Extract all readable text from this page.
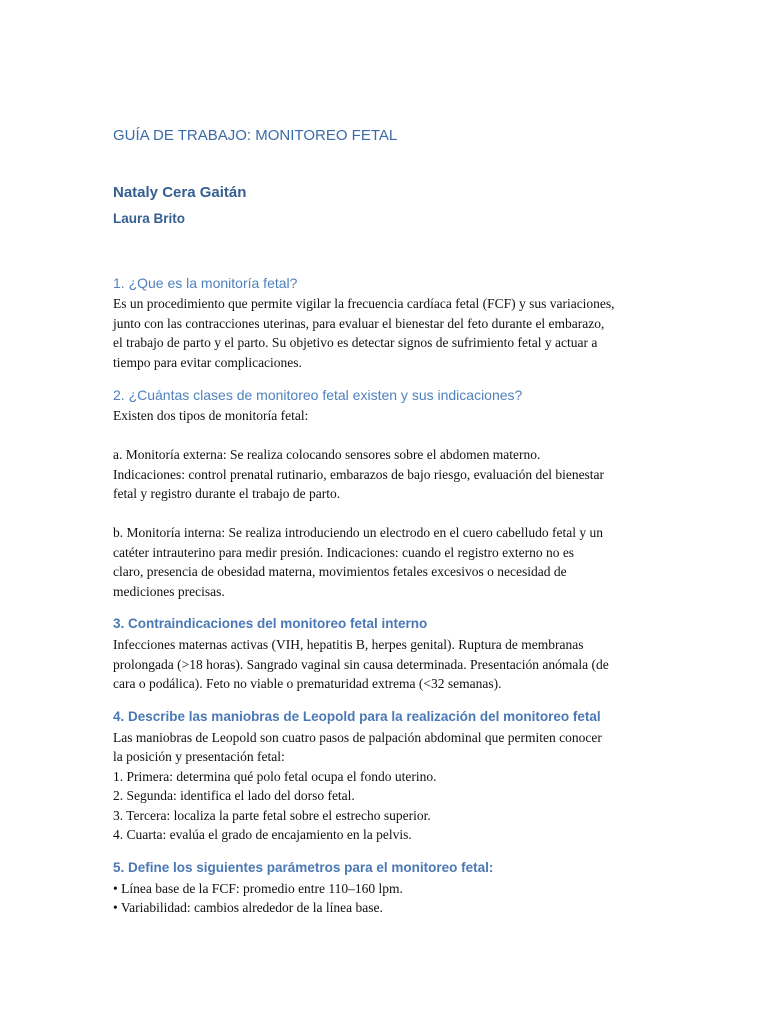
GUÍA DE TRABAJO: MONITOREO FETAL
Nataly Cera Gaitán
Laura Brito
1. ¿Que es la monitoría fetal?
Es un procedimiento que permite vigilar la frecuencia cardíaca fetal (FCF) y sus variaciones,
junto con las contracciones uterinas, para evaluar el bienestar del feto durante el embarazo,
el trabajo de parto y el parto. Su objetivo es detectar signos de sufrimiento fetal y actuar a
tiempo para evitar complicaciones.
2. ¿Cuántas clases de monitoreo fetal existen y sus indicaciones?
Existen dos tipos de monitoría fetal:
a. Monitoría externa: Se realiza colocando sensores sobre el abdomen materno.
Indicaciones: control prenatal rutinario, embarazos de bajo riesgo, evaluación del bienestar
fetal y registro durante el trabajo de parto.
b. Monitoría interna: Se realiza introduciendo un electrodo en el cuero cabelludo fetal y un
catéter intrauterino para medir presión. Indicaciones: cuando el registro externo no es
claro, presencia de obesidad materna, movimientos fetales excesivos o necesidad de
mediciones precisas.
3. Contraindicaciones del monitoreo fetal interno
Infecciones maternas activas (VIH, hepatitis B, herpes genital). Ruptura de membranas
prolongada (>18 horas). Sangrado vaginal sin causa determinada. Presentación anómala (de
cara o podálica). Feto no viable o prematuridad extrema (<32 semanas).
4. Describe las maniobras de Leopold para la realización del monitoreo fetal
Las maniobras de Leopold son cuatro pasos de palpación abdominal que permiten conocer
la posición y presentación fetal:
1. Primera: determina qué polo fetal ocupa el fondo uterino.
2. Segunda: identifica el lado del dorso fetal.
3. Tercera: localiza la parte fetal sobre el estrecho superior.
4. Cuarta: evalúa el grado de encajamiento en la pelvis.
5. Define los siguientes parámetros para el monitoreo fetal:
• Línea base de la FCF: promedio entre 110–160 lpm.
• Variabilidad: cambios alrededor de la línea base.
